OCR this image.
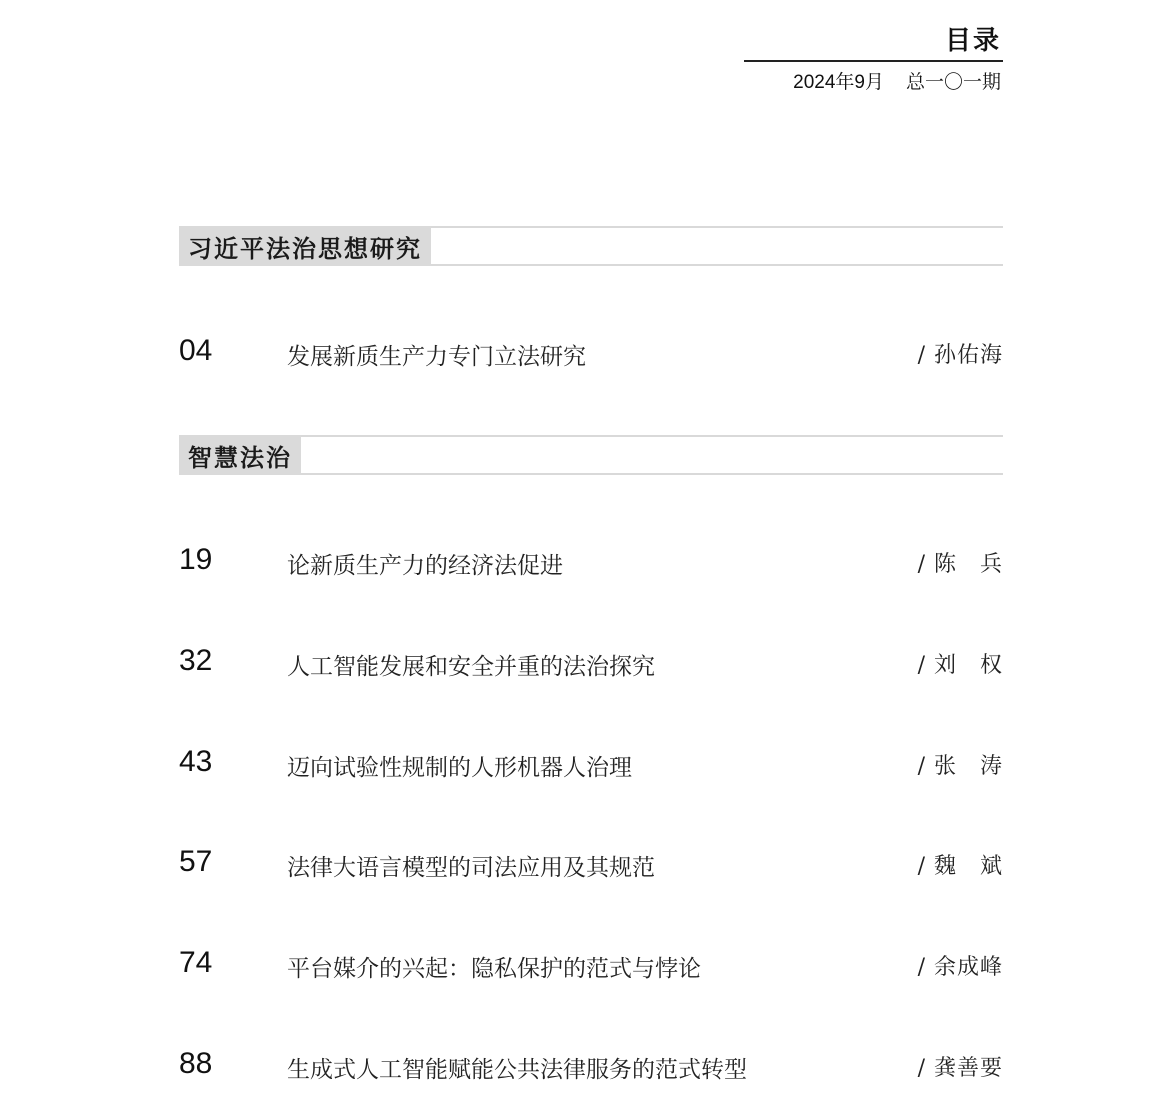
目录
2024年9月 总一〇一期
习近平法治思想研究
04	发展新质生产力专门立法研究	/ 孙佑海
智慧法治
19	论新质生产力的经济法促进	/ 陈　兵
32	人工智能发展和安全并重的法治探究	/ 刘　权
43	迈向试验性规制的人形机器人治理	/ 张　涛
57	法律大语言模型的司法应用及其规范	/ 魏　斌
74	平台媒介的兴起：隐私保护的范式与悖论	/ 余成峰
88	生成式人工智能赋能公共法律服务的范式转型	/ 龚善要
